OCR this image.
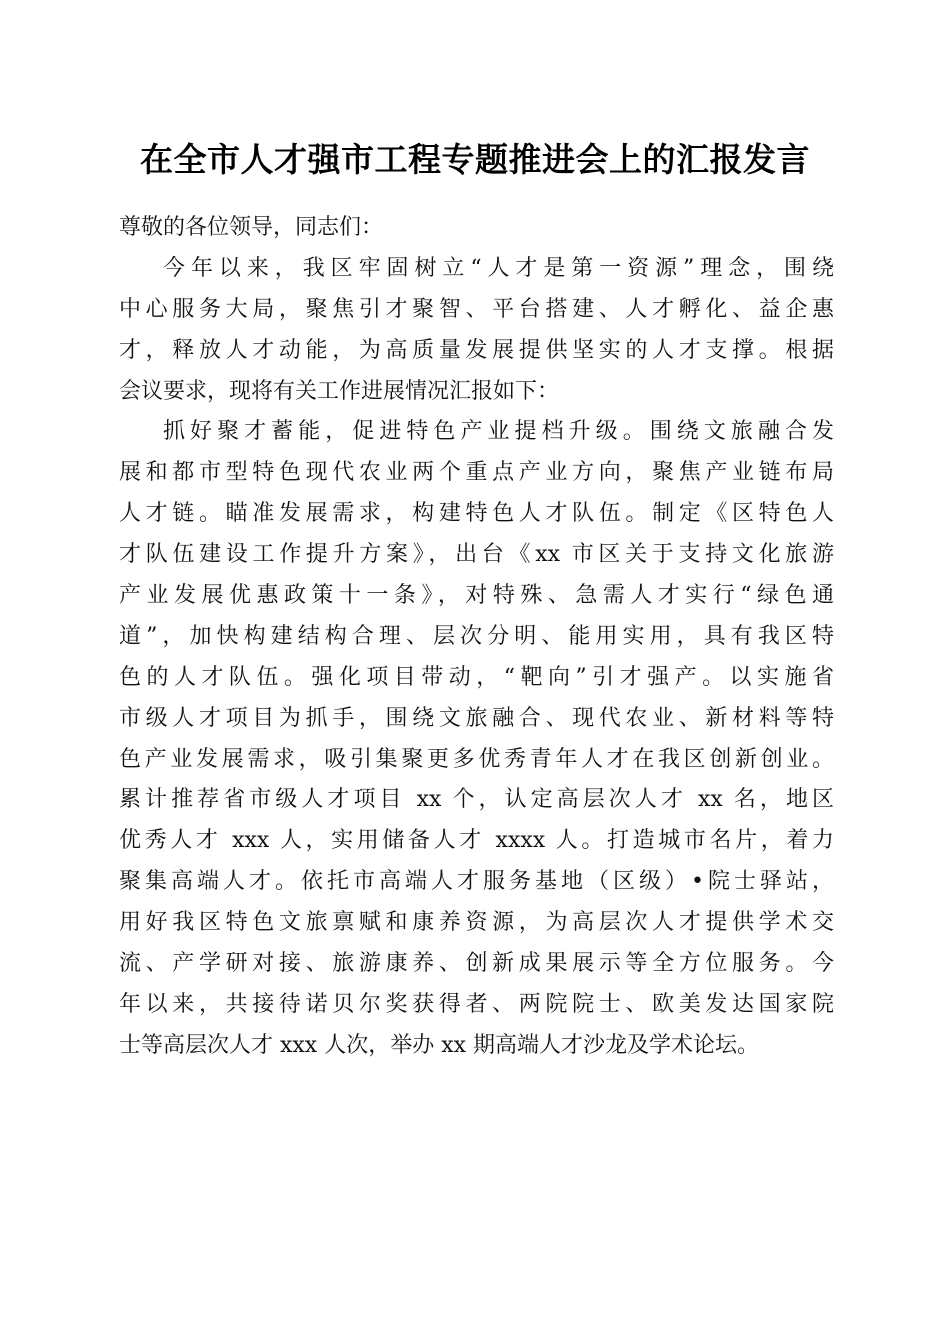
在全市人才强市工程专题推进会上的汇报发言
尊敬的各位领导，同志们：
今年以来，我区牢固树立“人才是第一资源”理念，围绕
中心服务大局，聚焦引才聚智、平台搭建、人才孵化、益企惠
才，释放人才动能，为高质量发展提供坚实的人才支撑。根据
会议要求，现将有关工作进展情况汇报如下：
抓好聚才蓄能，促进特色产业提档升级。围绕文旅融合发
展和都市型特色现代农业两个重点产业方向，聚焦产业链布局
人才链。瞄准发展需求，构建特色人才队伍。制定《区特色人
才队伍建设工作提升方案》，出台《xx 市区关于支持文化旅游
产业发展优惠政策十一条》，对特殊、急需人才实行“绿色通
道”，加快构建结构合理、层次分明、能用实用，具有我区特
色的人才队伍。强化项目带动，“靶向”引才强产。以实施省
市级人才项目为抓手，围绕文旅融合、现代农业、新材料等特
色产业发展需求，吸引集聚更多优秀青年人才在我区创新创业。
累计推荐省市级人才项目 xx 个，认定高层次人才 xx 名，地区
优秀人才 xxx 人，实用储备人才 xxxx 人。打造城市名片，着力
聚集高端人才。依托市高端人才服务基地（区级）•院士驿站，
用好我区特色文旅禀赋和康养资源，为高层次人才提供学术交
流、产学研对接、旅游康养、创新成果展示等全方位服务。今
年以来，共接待诺贝尔奖获得者、两院院士、欧美发达国家院
士等高层次人才 xxx 人次，举办 xx 期高端人才沙龙及学术论坛。
